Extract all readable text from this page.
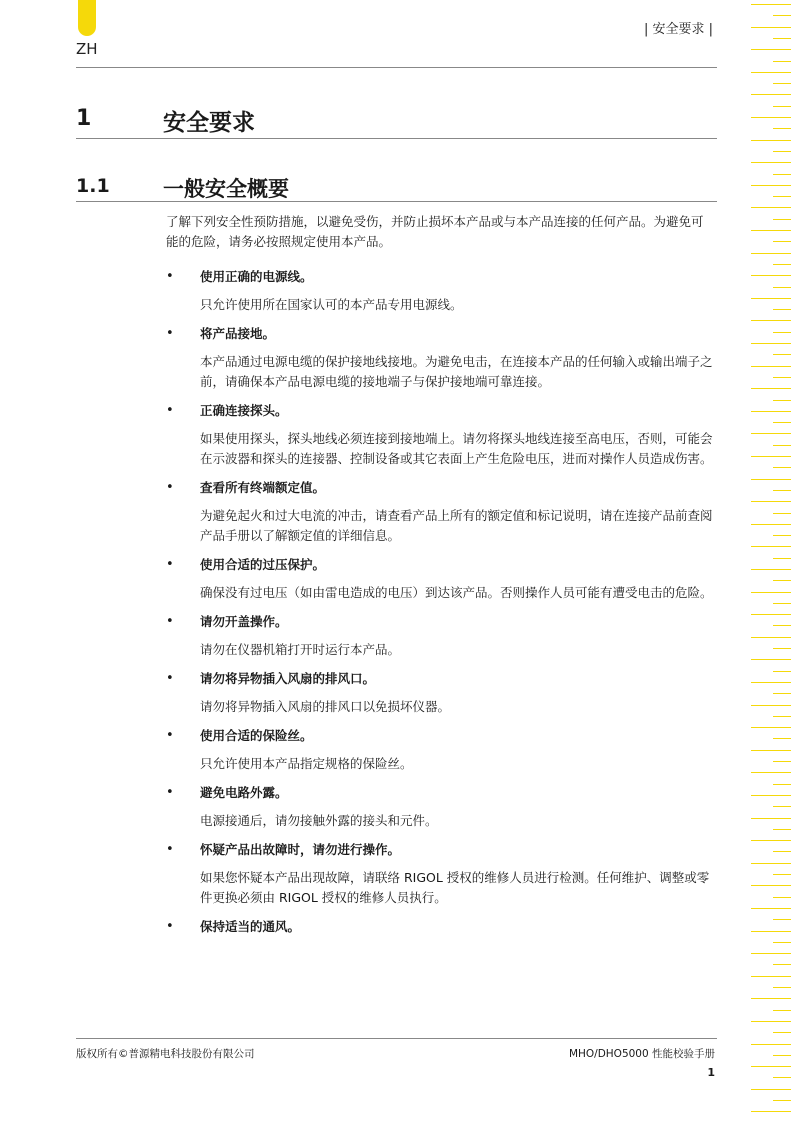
ZH
| 安全要求 |
1	安全要求
1.1	一般安全概要
了解下列安全性预防措施，以避免受伤，并防止损坏本产品或与本产品连接的任何产品。为避免可能的危险，请务必按照规定使用本产品。
• 使用正确的电源线。
只允许使用所在国家认可的本产品专用电源线。
• 将产品接地。
本产品通过电源电缆的保护接地线接地。为避免电击，在连接本产品的任何输入或输出端子之前，请确保本产品电源电缆的接地端子与保护接地端可靠连接。
• 正确连接探头。
如果使用探头，探头地线必须连接到接地端上。请勿将探头地线连接至高电压，否则，可能会在示波器和探头的连接器、控制设备或其它表面上产生危险电压，进而对操作人员造成伤害。
• 查看所有终端额定值。
为避免起火和过大电流的冲击，请查看产品上所有的额定值和标记说明，请在连接产品前查阅产品手册以了解额定值的详细信息。
• 使用合适的过压保护。
确保没有过电压（如由雷电造成的电压）到达该产品。否则操作人员可能有遭受电击的危险。
• 请勿开盖操作。
请勿在仪器机箱打开时运行本产品。
• 请勿将异物插入风扇的排风口。
请勿将异物插入风扇的排风口以免损坏仪器。
• 使用合适的保险丝。
只允许使用本产品指定规格的保险丝。
• 避免电路外露。
电源接通后，请勿接触外露的接头和元件。
• 怀疑产品出故障时，请勿进行操作。
如果您怀疑本产品出现故障，请联络 RIGOL 授权的维修人员进行检测。任何维护、调整或零件更换必须由 RIGOL 授权的维修人员执行。
• 保持适当的通风。
版权所有©普源精电科技股份有限公司	MHO/DHO5000 性能校验手册
1
